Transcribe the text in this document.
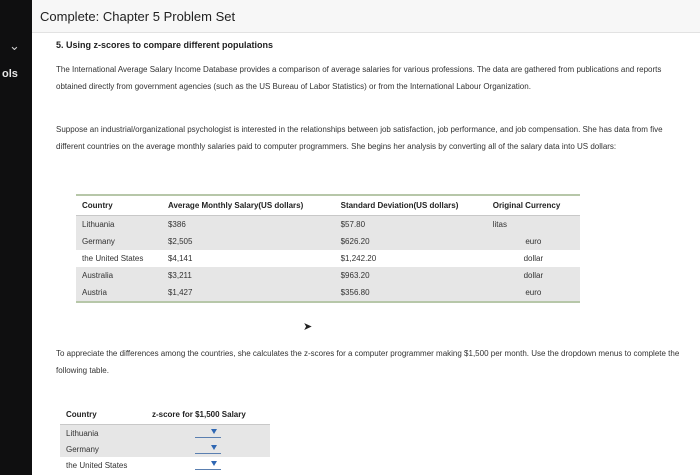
⌄
ols
Complete: Chapter 5 Problem Set
5. Using z-scores to compare different populations
The International Average Salary Income Database provides a comparison of average salaries for various professions. The data are gathered from publications and reports obtained directly from government agencies (such as the US Bureau of Labor Statistics) or from the International Labour Organization.
Suppose an industrial/organizational psychologist is interested in the relationships between job satisfaction, job performance, and job compensation. She has data from five different countries on the average monthly salaries paid to computer programmers. She begins her analysis by converting all of the salary data into US dollars:
Country	Average Monthly Salary(US dollars)	Standard Deviation(US dollars)	Original Currency
Lithuania	$386	$57.80	litas
Germany	$2,505	$626.20	euro
the United States	$4,141	$1,242.20	dollar
Australia	$3,211	$963.20	dollar
Austria	$1,427	$356.80	euro
➤
To appreciate the differences among the countries, she calculates the z-scores for a computer programmer making $1,500 per month. Use the dropdown menus to complete the following table.
Country	z-score for $1,500 Salary
Lithuania	

Germany	

the United States	
